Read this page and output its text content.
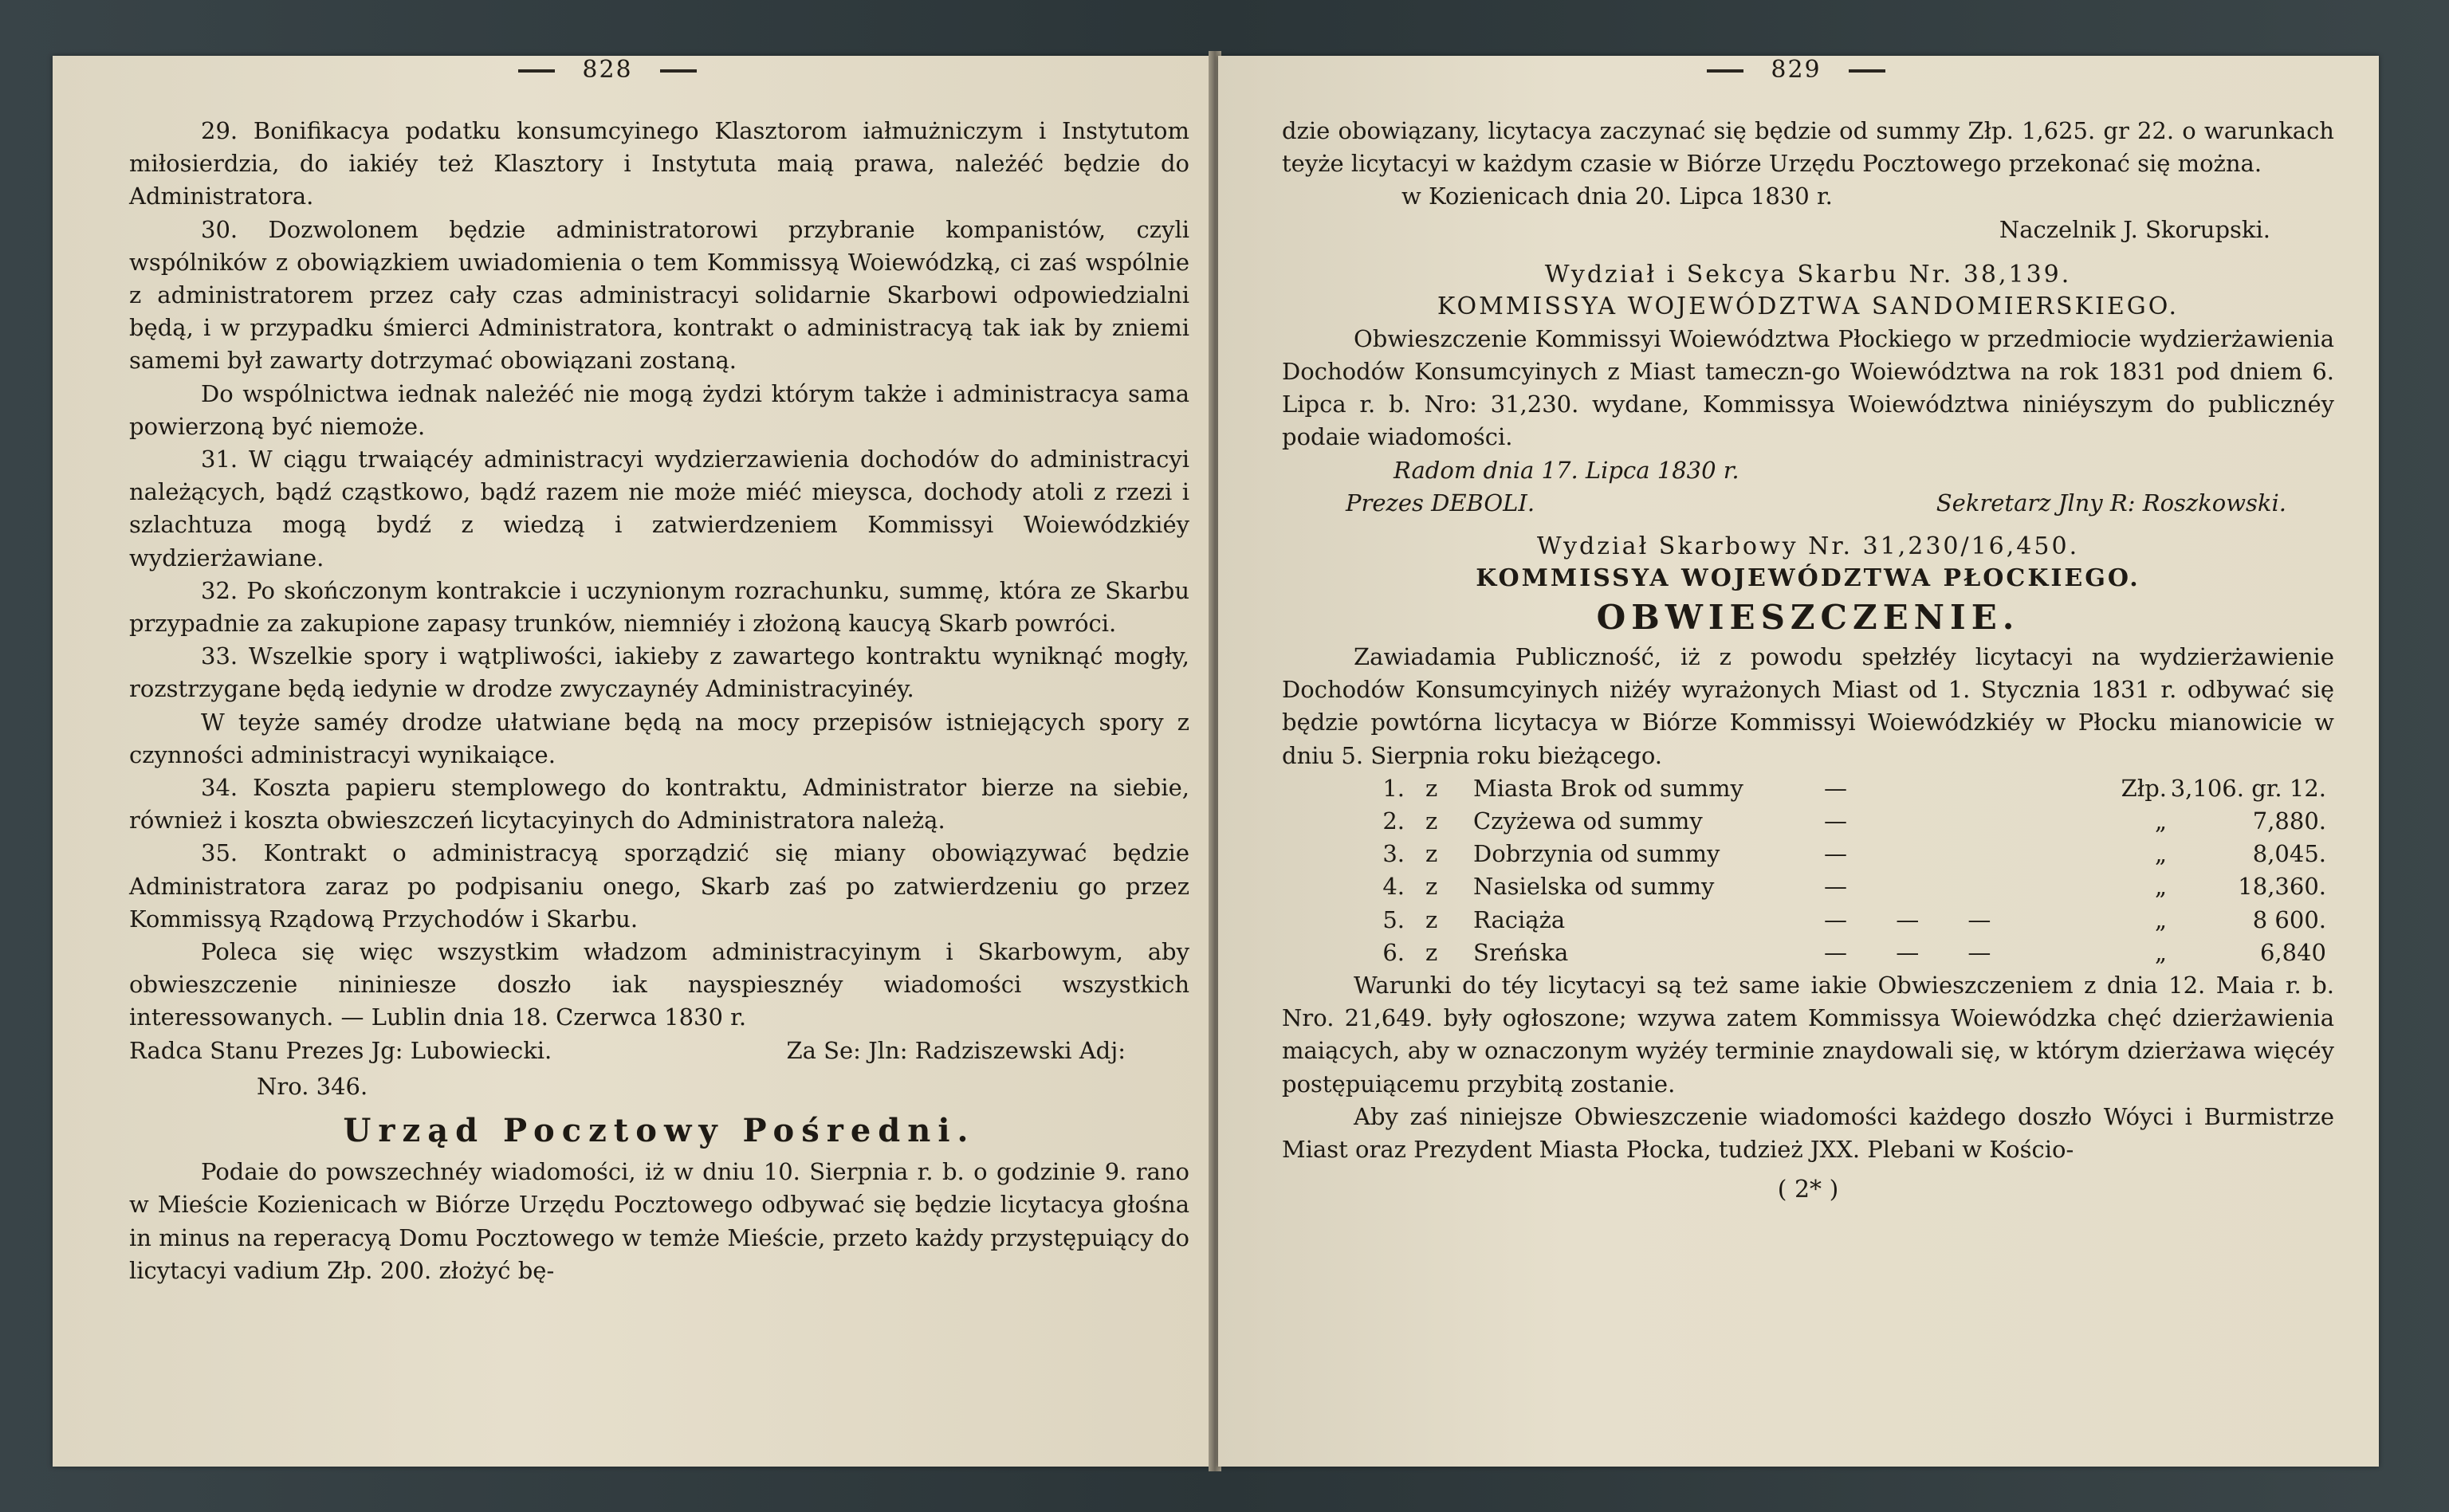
828

29. Bonifikacya podatku konsumcyinego Klasztorom iałmużniczym i Instytutom miłosierdzia, do iakiéy też Klasztory i Instytuta maią prawa, należéć będzie do Administratora.

30. Dozwolonem będzie administratorowi przybranie kompanistów, czyli wspólników z obowiązkiem uwiadomienia o tem Kommissyą Woiewódzką, ci zaś wspólnie z administratorem przez cały czas administracyi solidarnie Skarbowi odpowiedzialni będą, i w przypadku śmierci Administratora, kontrakt o administracyą tak iak by zniemi samemi był zawarty dotrzymać obowiązani zostaną.

Do wspólnictwa iednak należéć nie mogą żydzi którym także i administracya sama powierzoną być niemoże.

31. W ciągu trwaiącéy administracyi wydzierzawienia dochodów do administracyi należących, bądź cząstkowo, bądź razem nie może miéć mieysca, dochody atoli z rzezi i szlachtuza mogą bydź z wiedzą i zatwierdzeniem Kommissyi Woiewódzkiéy wydzierżawiane.

32. Po skończonym kontrakcie i uczynionym rozrachunku, summę, która ze Skarbu przypadnie za zakupione zapasy trunków, niemniéy i złożoną kaucyą Skarb powróci.

33. Wszelkie spory i wątpliwości, iakieby z zawartego kontraktu wyniknąć mogły, rozstrzygane będą iedynie w drodze zwyczaynéy Administracyinéy.

W teyże saméy drodze ułatwiane będą na mocy przepisów istniejących spory z czynności administracyi wynikaiące.

34. Koszta papieru stemplowego do kontraktu, Administrator bierze na siebie, również i koszta obwieszczeń licytacyinych do Administratora należą.

35. Kontrakt o administracyą sporządzić się mianу obowiązywać będzie Administratora zaraz po podpisaniu onego, Skarb zaś po zatwierdzeniu go przez Kommissyą Rządową Przychodów i Skarbu.

Poleca się więc wszystkim władzom administracyinym i Skarbowym, aby obwieszczenie nininiesze doszło iak nayspiesznéy wiadomości wszystkich interessowanych. — Lublin dnia 18. Czerwca 1830 r.

Radca Stanu Prezes Jg: Lubowiecki.	Za Se: Jln: Radziszewski Adj:

Nro. 346.

Urząd Pocztowy Pośredni.

Podaie do powszechnéy wiadomości, iż w dniu 10. Sierpnia r. b. o godzinie 9. rano w Mieście Kozienicach w Biórze Urzędu Pocztowego odbywać się będzie licytacya głośna in minus na reperacyą Domu Pocztowego w temże Mieście, przeto każdy przystępuiący do licytacyi vadium Złp. 200. złożyć bę-

829

dzie obowiązany, licytacya zaczynać się będzie od summy Złp. 1,625. gr 22. o warunkach teyże licytacyi w każdym czasie w Biórze Urzędu Pocztowego przekonać się można.

w Kozienicach dnia 20. Lipca 1830 r.

Naczelnik J. Skorupski.
Wydział i Sekcya Skarbu Nr. 38,139.
KOMMISSYA WOJEWÓDZTWA SANDOMIERSKIEGO.

Obwieszczenie Kommissyi Woiewództwa Płockiego w przedmiocie wydzierżawienia Dochodów Konsumcyinych z Miast tameczn-go Woiewództwa na rok 1831 pod dniem 6. Lipca r. b. Nro: 31,230. wydane, Kommissya Woiewództwa niniéyszym do publicznéy podaie wiadomości.

Radom dnia 17. Lipca 1830 r.
Prezes DEBOLI.	Sekretarz Jlny R: Roszkowski.
Wydział Skarbowy Nr. 31,230/16,450.
KOMMISSYA WOJEWÓDZTWA PŁOCKIEGO.
OBWIESZCZENIE.

Zawiadamia Publiczność, iż z powodu spełzłéy licytacyi na wydzierżawienie Dochodów Konsumcyinych niżéy wyrażonych Miast od 1. Stycznia 1831 r. odbywać się będzie powtórna licytacya w Biórze Kommissyi Woiewódzkiéy w Płocku mianowicie w dniu 5. Sierpnia roku bieżącego.

1. z	Miasta Brok od summy	—	Złp. 3,106. gr. 12.
2. z	Czyżewa od summy	—	„	7,880.
3. z	Dobrzynia od summy	—	„	8,045.
4. z	Nasielska od summy	—	„	18,360.
5. z	Raciąża	— — —	„	8 600.
6. z	Sreńska	— — —	„	6,840

Warunki do téy licytacyi są też same iakie Obwieszczeniem z dnia 12. Maia r. b. Nro. 21,649. były ogłoszone; wzywa zatem Kommissya Woiewódzka chęć dzierżawienia maiących, aby w oznaczonym wyżéy terminie znaydowali się, w którym dzierżawa więcéy postępuiącemu przybitą zostanie.

Aby zaś niniejsze Obwieszczenie wiadomości każdego doszło Wóyci i Burmistrze Miast oraz Prezydent Miasta Płocka, tudzież JXX. Plebani w Kościo-

( 2* )
